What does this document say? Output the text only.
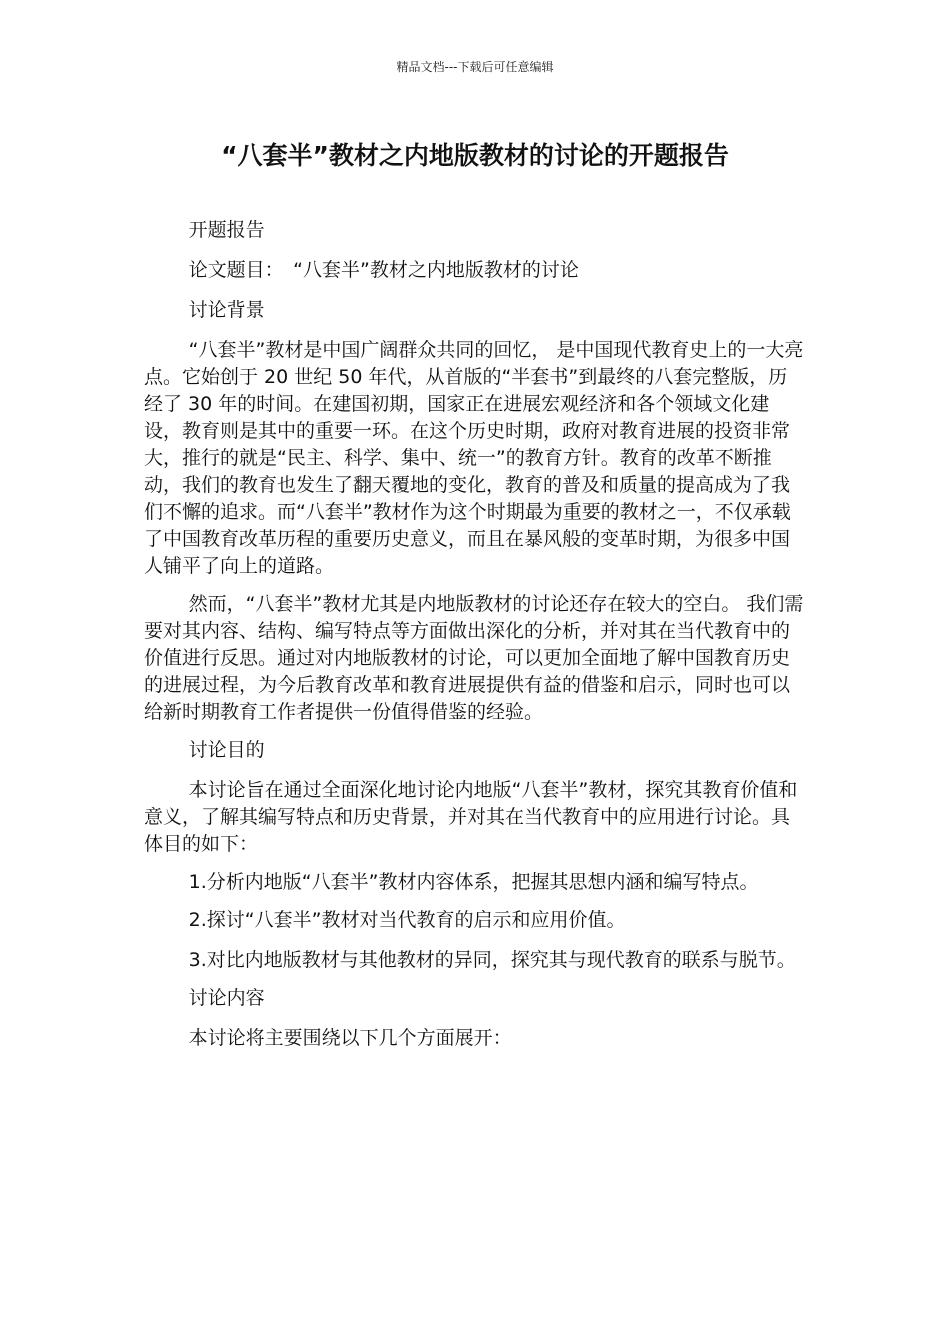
精品文档---下载后可任意编辑
“八套半”教材之内地版教材的讨论的开题报告

开题报告

论文题目：　“八套半”教材之内地版教材的讨论

讨论背景

“八套半”教材是中国广阔群众共同的回忆， 是中国现代教育史上的一大亮点。它始创于 20 世纪 50 年代，从首版的“半套书”到最终的八套完整版，历经了 30 年的时间。在建国初期，国家正在进展宏观经济和各个领域文化建设，教育则是其中的重要一环。在这个历史时期，政府对教育进展的投资非常大，推行的就是“民主、科学、集中、统一”的教育方针。教育的改革不断推动，我们的教育也发生了翻天覆地的变化，教育的普及和质量的提高成为了我们不懈的追求。而“八套半”教材作为这个时期最为重要的教材之一，不仅承载了中国教育改革历程的重要历史意义，而且在暴风般的变革时期，为很多中国人铺平了向上的道路。

然而，“八套半”教材尤其是内地版教材的讨论还存在较大的空白。 我们需要对其内容、结构、编写特点等方面做出深化的分析，并对其在当代教育中的价值进行反思。通过对内地版教材的讨论，可以更加全面地了解中国教育历史的进展过程，为今后教育改革和教育进展提供有益的借鉴和启示，同时也可以给新时期教育工作者提供一份值得借鉴的经验。

讨论目的

本讨论旨在通过全面深化地讨论内地版“八套半”教材，探究其教育价值和意义，了解其编写特点和历史背景，并对其在当代教育中的应用进行讨论。具体目的如下：

1.分析内地版“八套半”教材内容体系，把握其思想内涵和编写特点。

2.探讨“八套半”教材对当代教育的启示和应用价值。

3.对比内地版教材与其他教材的异同，探究其与现代教育的联系与脱节。

讨论内容

本讨论将主要围绕以下几个方面展开：
